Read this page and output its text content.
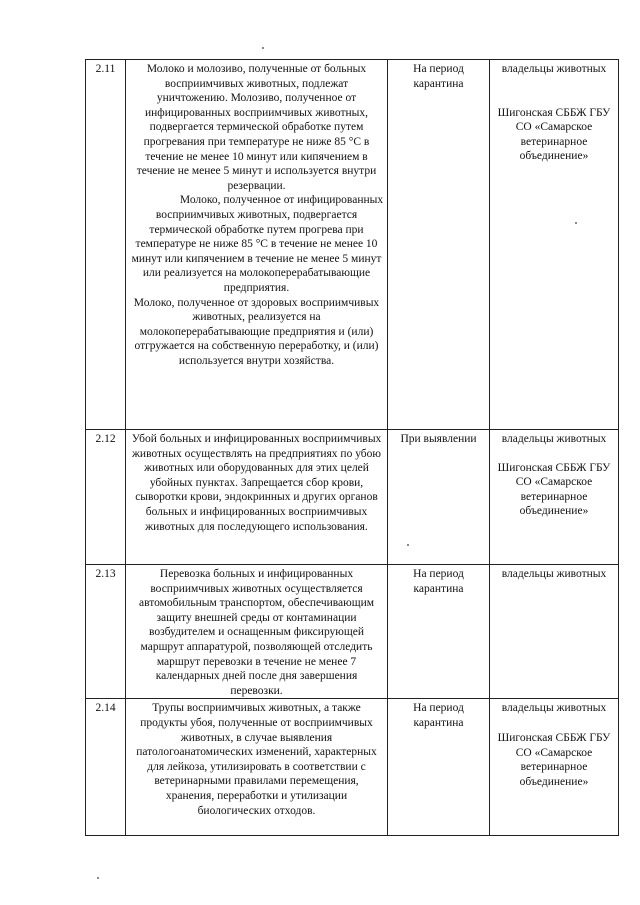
2.11	Молоко и молозиво, полученные от больных восприимчивых животных, подлежат уничтожению. Молозиво, полученное от инфицированных восприимчивых животных, подвергается термической обработке путем прогревания при температуре не ниже 85 °С в течение не менее 10 минут или кипячением в течение не менее 5 минут и используется внутри резервации.
Молоко, полученное от инфицированных восприимчивых животных, подвергается термической обработке путем прогрева при температуре не ниже 85 °С в течение не менее 10 минут или кипячением в течение не менее 5 минут или реализуется на молокоперерабатывающие предприятия.
Молоко, полученное от здоровых восприимчивых животных, реализуется на молокоперерабатывающие предприятия и (или) отгружается на собственную переработку, и (или) используется внутри хозяйства.	На период карантина	владельцы животных
Шигонская СББЖ ГБУ СО «Самарское ветеринарное объединение»

2.12	Убой больных и инфицированных восприимчивых животных осуществлять на предприятиях по убою животных или оборудованных для этих целей убойных пунктах. Запрещается сбор крови, сыворотки крови, эндокринных и других органов больных и инфицированных восприимчивых животных для последующего использования.	При выявлении	владельцы животных
Шигонская СББЖ ГБУ СО «Самарское ветеринарное объединение»

2.13	Перевозка больных и инфицированных восприимчивых животных осуществляется автомобильным транспортом, обеспечивающим защиту внешней среды от контаминации возбудителем и оснащенным фиксирующей маршрут аппаратурой, позволяющей отследить маршрут перевозки в течение не менее 7 календарных дней после дня завершения перевозки.	На период карантина	владельцы животных

2.14	Трупы восприимчивых животных, а также продукты убоя, полученные от восприимчивых животных, в случае выявления патологоанатомических изменений, характерных для лейкоза, утилизировать в соответствии с ветеринарными правилами перемещения, хранения, переработки и утилизации биологических отходов.	На период карантина	владельцы животных
Шигонская СББЖ ГБУ СО «Самарское ветеринарное объединение»
